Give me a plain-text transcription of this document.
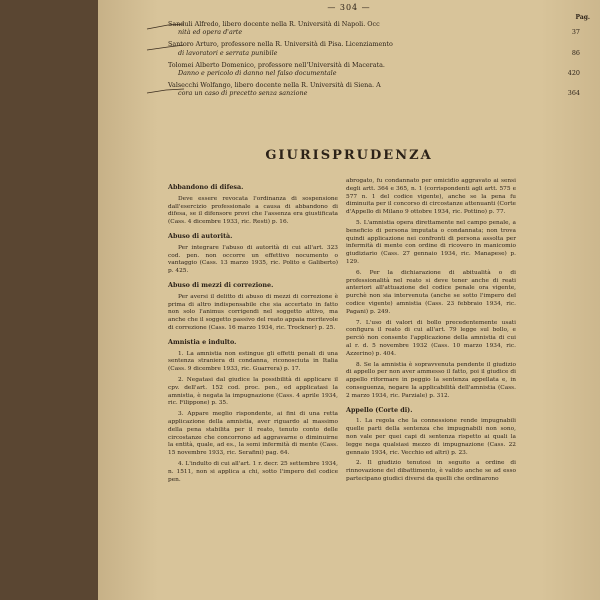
— 304 —
Pag.
Sanduli Alfredo, libero docente nella R. Università di Napoli. Occ
nità ed opera d'arte	37
Santoro Arturo, professore nella R. Università di Pisa. Licenziamento
di lavoratori e serrata punibile	86
Tolomei Alberto Domenico, professore nell'Università di Macerata.
Danno e pericolo di danno nel falso documentale	420
Valsecchi Wolfango, libero docente nella R. Università di Siena. A
cora un caso di precetto senza sanzione	364
GIURISPRUDENZA
Abbandono di difesa.
Deve essere revocata l'ordinanza di sospensione dall'esercizio professionale a causa di abbandono di difesa, se il difensore provi che l'assenza era giustificata (Cass. 4 dicembre 1933, ric. Resti) p. 16.
Abuso di autorità.
Per integrare l'abuso di autorità di cui all'art. 323 cod. pen. non occorre un effettivo nocumento o vantaggio (Cass. 13 marzo 1935, ric. Polito e Galiberto) p. 425.
Abuso di mezzi di correzione.
Per aversi il delitto di abuso di mezzi di correzione è prima di altro indispensabile che sia accertato in fatto non solo l'animus corrigendi nel soggetto attivo, ma anche che il soggetto passivo del reato appaia meritevole di correzione (Cass. 16 marzo 1934, ric. Trockner) p. 25.
Amnistia e indulto.
1. La amnistia non estingue gli effetti penali di una sentenza straniera di condanna, riconosciuta in Italia (Cass. 9 dicembre 1933, ric. Guarrera) p. 17.
2. Negatasi dal giudice la possibilità di applicare il cpv. dell'art. 152 cod. proc. pen., ed applicatasi la amnistia, è negata la impugnazione (Cass. 4 aprile 1934, ric. Filippone) p. 35.
3. Appare meglio rispondente, ai fini di una retta applicazione della amnistia, aver riguardo al massimo della pena stabilita per il reato, tenuto conto delle circostanze che concorrono ad aggravarne o diminuirne la entità, quale, ad es., la semi infermità di mente (Cass. 15 novembre 1933, ric. Serafini) pag. 64.
4. L'indulto di cui all'art. 1 r. decr. 25 settembre 1934, n. 1511, non si applica a chi, sotto l'impero del codice pen.
abrogato, fu condannato per omicidio aggravato ai sensi degli artt. 364 e 365, n. 1 (corrispondenti agli artt. 575 e 577 n. 1 del codice vigente), anche se la pena fu diminuita per il concorso di circostanze attenuanti (Corte d'Appello di Milano 9 ottobre 1934, ric. Pottino) p. 77.
5. L'amnistia opera direttamente nel campo penale, a beneficio di persona imputata o condannata; non trova quindi applicazione nei confronti di persona assolta per infermità di mente con ordine di ricovero in manicomio giudiziario (Cass. 27 gennaio 1934, ric. Manapese) p. 129.
6. Per la dichiarazione di abitualità o di professionalità nel reato si deve tener anche di reati anteriori all'attuazione del codice penale ora vigente, purchè non sia intervenuta (anche se sotto l'impero del codice vigente) amnistia (Cass. 23 febbraio 1934, ric. Pagani) p. 249.
7. L'uso di valori di bollo precedentemente usati configura il reato di cui all'art. 79 legge sul bollo, e perciò non consente l'applicazione della amnistia di cui al r. d. 5 novembre 1932 (Cass. 10 marzo 1934, ric. Azzerino) p. 404.
8. Se la amnistia è sopravvenuta pendente il giudizio di appello per non aver ammesso il fatto, poi il giudice di appello riformare in peggio la sentenza appellata e, in conseguenza, negare la applicabilità dell'amnistia (Cass. 2 marzo 1934, ric. Parziale) p. 312.
Appello (Corte di).
1. La regola che la connessione rende impugnabili quelle parti della sentenza che impugnabili non sono, non vale per quei capi di sentenza rispetto ai quali la legge nega qualsiasi mezzo di impugnazione (Cass. 22 gennaio 1934, ric. Vecchio ed altri) p. 23.
2. Il giudizio tenutosi in seguito a ordine di rinnovazione del dibattimento, è valido anche se ad esso partecipano giudici diversi da quelli che ordinarono
